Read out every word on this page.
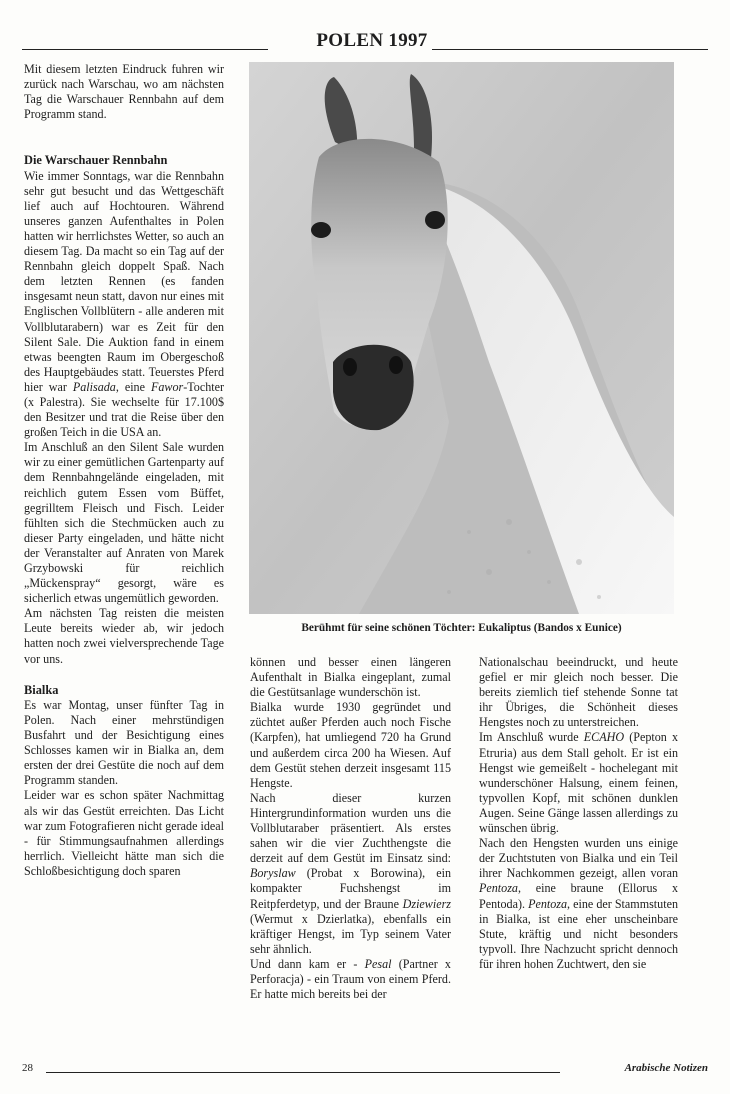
POLEN 1997

Mit diesem letzten Eindruck fuhren wir zurück nach Warschau, wo am nächsten Tag die Warschauer Rennbahn auf dem Programm stand.

Die Warschauer Rennbahn

Wie immer Sonntags, war die Rennbahn sehr gut besucht und das Wettgeschäft lief auch auf Hochtouren. Während unseres ganzen Aufenthaltes in Polen hatten wir herrlichstes Wetter, so auch an diesem Tag. Da macht so ein Tag auf der Rennbahn gleich doppelt Spaß. Nach dem letzten Rennen (es fanden insgesamt neun statt, davon nur eines mit Englischen Vollblütern - alle anderen mit Vollblutarabern) war es Zeit für den Silent Sale. Die Auktion fand in einem etwas beengten Raum im Obergeschoß des Hauptgebäudes statt. Teuerstes Pferd hier war Palisada, eine Fawor-Tochter (x Palestra). Sie wechselte für 17.100$ den Besitzer und trat die Reise über den großen Teich in die USA an.

Im Anschluß an den Silent Sale wurden wir zu einer gemütlichen Gartenparty auf dem Rennbahngelände eingeladen, mit reichlich gutem Essen vom Büffet, gegrilltem Fleisch und Fisch. Leider fühlten sich die Stechmücken auch zu dieser Party eingeladen, und hätte nicht der Veranstalter auf Anraten von Marek Grzybowski für reichlich „Mückenspray“ gesorgt, wäre es sicherlich etwas ungemütlich geworden.

Am nächsten Tag reisten die meisten Leute bereits wieder ab, wir jedoch hatten noch zwei vielversprechende Tage vor uns.

Bialka

Es war Montag, unser fünfter Tag in Polen. Nach einer mehrstündigen Busfahrt und der Besichtigung eines Schlosses kamen wir in Bialka an, dem ersten der drei Gestüte die noch auf dem Programm standen.

Leider war es schon später Nachmittag als wir das Gestüt erreichten. Das Licht war zum Fotografieren nicht gerade ideal - für Stimmungsaufnahmen allerdings herrlich. Vielleicht hätte man sich die Schloßbesichtigung doch sparen

Berühmt für seine schönen Töchter: Eukaliptus (Bandos x Eunice)

können und besser einen längeren Aufenthalt in Bialka eingeplant, zumal die Gestütsanlage wunderschön ist.

Bialka wurde 1930 gegründet und züchtet außer Pferden auch noch Fische (Karpfen), hat umliegend 720 ha Grund und außerdem circa 200 ha Wiesen. Auf dem Gestüt stehen derzeit insgesamt 115 Hengste.

Nach dieser kurzen Hintergrundinformation wurden uns die Vollblutaraber präsentiert. Als erstes sahen wir die vier Zuchthengste die derzeit auf dem Gestüt im Einsatz sind: Boryslaw (Probat x Borowina), ein kompakter Fuchshengst im Reitpferdetyp, und der Braune Dziewierz (Wermut x Dzierlatka), ebenfalls ein kräftiger Hengst, im Typ seinem Vater sehr ähnlich.

Und dann kam er - Pesal (Partner x Perforacja) - ein Traum von einem Pferd. Er hatte mich bereits bei der

Nationalschau beeindruckt, und heute gefiel er mir gleich noch besser. Die bereits ziemlich tief stehende Sonne tat ihr Übriges, die Schönheit dieses Hengstes noch zu unterstreichen.

Im Anschluß wurde ECAHO (Pepton x Etruria) aus dem Stall geholt. Er ist ein Hengst wie gemeißelt - hochelegant mit wunderschöner Halsung, einem feinen, typvollen Kopf, mit schönen dunklen Augen. Seine Gänge lassen allerdings zu wünschen übrig.

Nach den Hengsten wurden uns einige der Zuchtstuten von Bialka und ein Teil ihrer Nachkommen gezeigt, allen voran Pentoza, eine braune (Ellorus x Pentoda). Pentoza, eine der Stammstuten in Bialka, ist eine eher unscheinbare Stute, kräftig und nicht besonders typvoll. Ihre Nachzucht spricht dennoch für ihren hohen Zuchtwert, den sie

28	Arabische Notizen
